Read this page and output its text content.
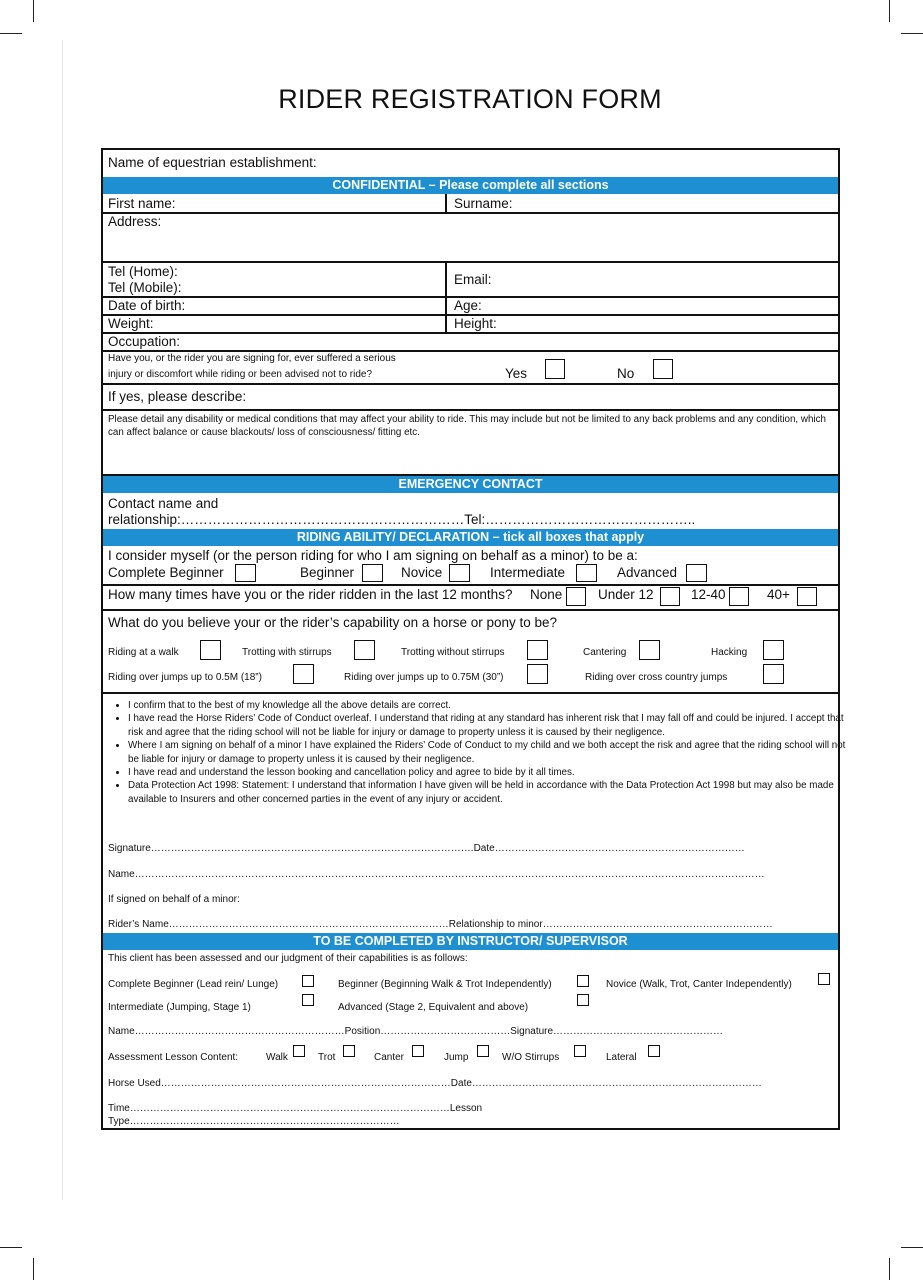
RIDER REGISTRATION FORM
Name of equestrian establishment:
CONFIDENTIAL – Please complete all sections
First name:	Surname:
Address:
Tel (Home):
Tel (Mobile):
Email:
Date of birth:	Age:
Weight:	Height:
Occupation:
Have you, or the rider you are signing for, ever suffered a serious
injury or discomfort while riding or been advised not to ride?	Yes	No
If yes, please describe:
Please detail any disability or medical conditions that may affect your ability to ride. This may include but not be limited to any back problems and any condition, which can affect balance or cause blackouts/ loss of consciousness/ fitting etc.
EMERGENCY CONTACT
Contact name and
relationship:………………………………………………………Tel:………………………………………..
RIDING ABILITY/ DECLARATION – tick all boxes that apply
I consider myself (or the person riding for who I am signing on behalf as a minor) to be a:
Complete Beginner	Beginner	Novice	Intermediate	Advanced
How many times have you or the rider ridden in the last 12 months? None	Under 12	12-40	40+
What do you believe your or the rider’s capability on a horse or pony to be?
Riding at a walk	Trotting with stirrups	Trotting without stirrups	Cantering	Hacking
Riding over jumps up to 0.5M (18”)	Riding over jumps up to 0.75M (30”)	Riding over cross country jumps
• I confirm that to the best of my knowledge all the above details are correct.
• I have read the Horse Riders’ Code of Conduct overleaf. I understand that riding at any standard has inherent risk that I may fall off and could be injured. I accept that risk and agree that the riding school will not be liable for injury or damage to property unless it is caused by their negligence.
• Where I am signing on behalf of a minor I have explained the Riders’ Code of Conduct to my child and we both accept the risk and agree that the riding school will not be liable for injury or damage to property unless it is caused by their negligence.
• I have read and understand the lesson booking and cancellation policy and agree to bide by it all times.
• Data Protection Act 1998: Statement: I understand that information I have given will be held in accordance with the Data Protection Act 1998 but may also be made available to Insurers and other concerned parties in the event of any injury or accident.
Signature…………………………………………………………………………………….Date…………………………………………………………………
Name………………………………………………………………………………………………………………………………………………………………………
If signed on behalf of a minor:
Rider’s Name…………………………………………………………………………Relationship to minor……………………………………………………………
TO BE COMPLETED BY INSTRUCTOR/ SUPERVISOR
This client has been assessed and our judgment of their capabilities is as follows:
Complete Beginner (Lead rein/ Lunge)	Beginner (Beginning Walk & Trot Independently)	Novice (Walk, Trot, Canter Independently)
Intermediate (Jumping, Stage 1)	Advanced (Stage 2, Equivalent and above)
Name………………………………………………………Position…………………………………Signature……………………………………………
Assessment Lesson Content:	Walk	Trot	Canter	Jump	W/O Stirrups	Lateral
Horse Used……………………………………………………………………………Date……………………………………………………………………………
Time……………………………………………………………………………………Lesson
Type………………………………………………………………………
